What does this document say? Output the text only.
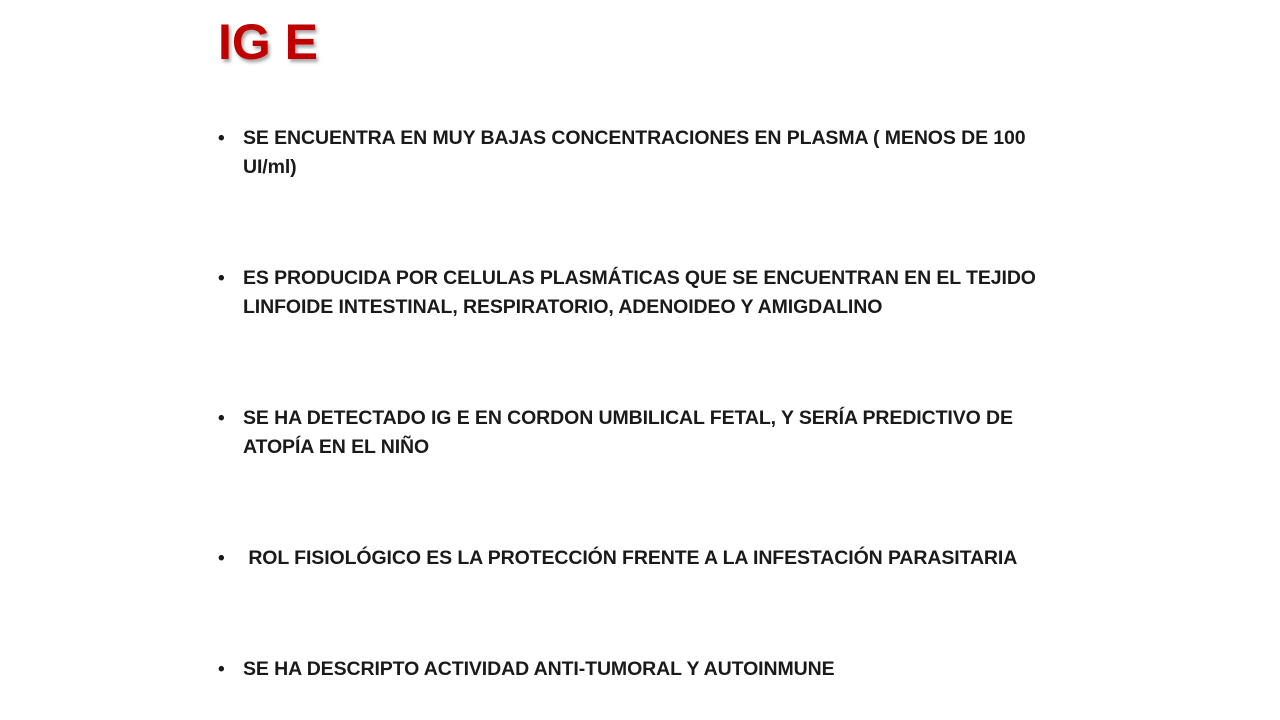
IG E
• SE ENCUENTRA EN MUY BAJAS CONCENTRACIONES EN PLASMA ( MENOS DE 100 UI/ml)
• ES PRODUCIDA POR CELULAS PLASMÁTICAS QUE SE ENCUENTRAN EN EL TEJIDO LINFOIDE INTESTINAL, RESPIRATORIO, ADENOIDEO Y AMIGDALINO
• SE HA DETECTADO IG E EN CORDON UMBILICAL FETAL, Y SERÍA PREDICTIVO DE ATOPÍA EN EL NIÑO
• ROL FISIOLÓGICO ES LA PROTECCIÓN FRENTE A LA INFESTACIÓN PARASITARIA
• SE HA DESCRIPTO ACTIVIDAD ANTI-TUMORAL Y AUTOINMUNE
